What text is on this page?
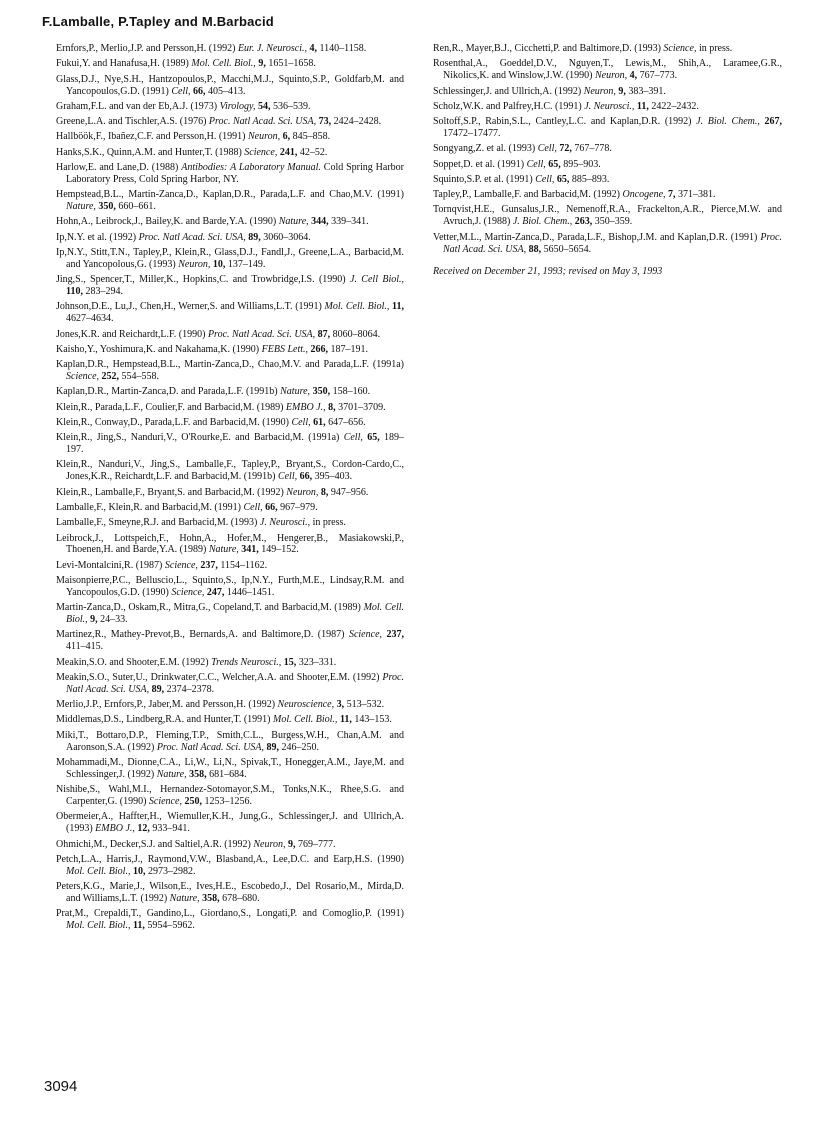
F.Lamballe, P.Tapley and M.Barbacid

Ernfors,P., Merlio,J.P. and Persson,H. (1992) Eur. J. Neurosci., 4, 1140–1158.

Fukui,Y. and Hanafusa,H. (1989) Mol. Cell. Biol., 9, 1651–1658.

Glass,D.J., Nye,S.H., Hantzopoulos,P., Macchi,M.J., Squinto,S.P., Goldfarb,M. and Yancopoulos,G.D. (1991) Cell, 66, 405–413.

Graham,F.L. and van der Eb,A.J. (1973) Virology, 54, 536–539.

Greene,L.A. and Tischler,A.S. (1976) Proc. Natl Acad. Sci. USA, 73, 2424–2428.

Hallböök,F., Ibañez,C.F. and Persson,H. (1991) Neuron, 6, 845–858.

Hanks,S.K., Quinn,A.M. and Hunter,T. (1988) Science, 241, 42–52.

Harlow,E. and Lane,D. (1988) Antibodies: A Laboratory Manual. Cold Spring Harbor Laboratory Press, Cold Spring Harbor, NY.

Hempstead,B.L., Martin-Zanca,D., Kaplan,D.R., Parada,L.F. and Chao,M.V. (1991) Nature, 350, 660–661.

Hohn,A., Leibrock,J., Bailey,K. and Barde,Y.A. (1990) Nature, 344, 339–341.

Ip,N.Y. et al. (1992) Proc. Natl Acad. Sci. USA, 89, 3060–3064.

Ip,N.Y., Stitt,T.N., Tapley,P., Klein,R., Glass,D.J., Fandl,J., Greene,L.A., Barbacid,M. and Yancopolous,G. (1993) Neuron, 10, 137–149.

Jing,S., Spencer,T., Miller,K., Hopkins,C. and Trowbridge,I.S. (1990) J. Cell Biol., 110, 283–294.

Johnson,D.E., Lu,J., Chen,H., Werner,S. and Williams,L.T. (1991) Mol. Cell. Biol., 11, 4627–4634.

Jones,K.R. and Reichardt,L.F. (1990) Proc. Natl Acad. Sci. USA, 87, 8060–8064.

Kaisho,Y., Yoshimura,K. and Nakahama,K. (1990) FEBS Lett., 266, 187–191.

Kaplan,D.R., Hempstead,B.L., Martin-Zanca,D., Chao,M.V. and Parada,L.F. (1991a) Science, 252, 554–558.

Kaplan,D.R., Martin-Zanca,D. and Parada,L.F. (1991b) Nature, 350, 158–160.

Klein,R., Parada,L.F., Coulier,F. and Barbacid,M. (1989) EMBO J., 8, 3701–3709.

Klein,R., Conway,D., Parada,L.F. and Barbacid,M. (1990) Cell, 61, 647–656.

Klein,R., Jing,S., Nanduri,V., O'Rourke,E. and Barbacid,M. (1991a) Cell, 65, 189–197.

Klein,R., Nanduri,V., Jing,S., Lamballe,F., Tapley,P., Bryant,S., Cordon-Cardo,C., Jones,K.R., Reichardt,L.F. and Barbacid,M. (1991b) Cell, 66, 395–403.

Klein,R., Lamballe,F., Bryant,S. and Barbacid,M. (1992) Neuron, 8, 947–956.

Lamballe,F., Klein,R. and Barbacid,M. (1991) Cell, 66, 967–979.

Lamballe,F., Smeyne,R.J. and Barbacid,M. (1993) J. Neurosci., in press.

Leibrock,J., Lottspeich,F., Hohn,A., Hofer,M., Hengerer,B., Masiakowski,P., Thoenen,H. and Barde,Y.A. (1989) Nature, 341, 149–152.

Levi-Montalcini,R. (1987) Science, 237, 1154–1162.

Maisonpierre,P.C., Belluscio,L., Squinto,S., Ip,N.Y., Furth,M.E., Lindsay,R.M. and Yancopoulos,G.D. (1990) Science, 247, 1446–1451.

Martin-Zanca,D., Oskam,R., Mitra,G., Copeland,T. and Barbacid,M. (1989) Mol. Cell. Biol., 9, 24–33.

Martinez,R., Mathey-Prevot,B., Bernards,A. and Baltimore,D. (1987) Science, 237, 411–415.

Meakin,S.O. and Shooter,E.M. (1992) Trends Neurosci., 15, 323–331.

Meakin,S.O., Suter,U., Drinkwater,C.C., Welcher,A.A. and Shooter,E.M. (1992) Proc. Natl Acad. Sci. USA, 89, 2374–2378.

Merlio,J.P., Ernfors,P., Jaber,M. and Persson,H. (1992) Neuroscience, 3, 513–532.

Middlemas,D.S., Lindberg,R.A. and Hunter,T. (1991) Mol. Cell. Biol., 11, 143–153.

Miki,T., Bottaro,D.P., Fleming,T.P., Smith,C.L., Burgess,W.H., Chan,A.M. and Aaronson,S.A. (1992) Proc. Natl Acad. Sci. USA, 89, 246–250.

Mohammadi,M., Dionne,C.A., Li,W., Li,N., Spivak,T., Honegger,A.M., Jaye,M. and Schlessinger,J. (1992) Nature, 358, 681–684.

Nishibe,S., Wahl,M.I., Hernandez-Sotomayor,S.M., Tonks,N.K., Rhee,S.G. and Carpenter,G. (1990) Science, 250, 1253–1256.

Obermeier,A., Haffter,H., Wiemuller,K.H., Jung,G., Schlessinger,J. and Ullrich,A. (1993) EMBO J., 12, 933–941.

Ohmichi,M., Decker,S.J. and Saltiel,A.R. (1992) Neuron, 9, 769–777.

Petch,L.A., Harris,J., Raymond,V.W., Blasband,A., Lee,D.C. and Earp,H.S. (1990) Mol. Cell. Biol., 10, 2973–2982.

Peters,K.G., Marie,J., Wilson,E., Ives,H.E., Escobedo,J., Del Rosario,M., Mirda,D. and Williams,L.T. (1992) Nature, 358, 678–680.

Prat,M., Crepaldi,T., Gandino,L., Giordano,S., Longati,P. and Comoglio,P. (1991) Mol. Cell. Biol., 11, 5954–5962.

Ren,R., Mayer,B.J., Cicchetti,P. and Baltimore,D. (1993) Science, in press.

Rosenthal,A., Goeddel,D.V., Nguyen,T., Lewis,M., Shih,A., Laramee,G.R., Nikolics,K. and Winslow,J.W. (1990) Neuron, 4, 767–773.

Schlessinger,J. and Ullrich,A. (1992) Neuron, 9, 383–391.

Scholz,W.K. and Palfrey,H.C. (1991) J. Neurosci., 11, 2422–2432.

Soltoff,S.P., Rabin,S.L., Cantley,L.C. and Kaplan,D.R. (1992) J. Biol. Chem., 267, 17472–17477.

Songyang,Z. et al. (1993) Cell, 72, 767–778.

Soppet,D. et al. (1991) Cell, 65, 895–903.

Squinto,S.P. et al. (1991) Cell, 65, 885–893.

Tapley,P., Lamballe,F. and Barbacid,M. (1992) Oncogene, 7, 371–381.

Tornqvist,H.E., Gunsalus,J.R., Nemenoff,R.A., Frackelton,A.R., Pierce,M.W. and Avruch,J. (1988) J. Biol. Chem., 263, 350–359.

Vetter,M.L., Martin-Zanca,D., Parada,L.F., Bishop,J.M. and Kaplan,D.R. (1991) Proc. Natl Acad. Sci. USA, 88, 5650–5654.

Received on December 21, 1993; revised on May 3, 1993
3094
